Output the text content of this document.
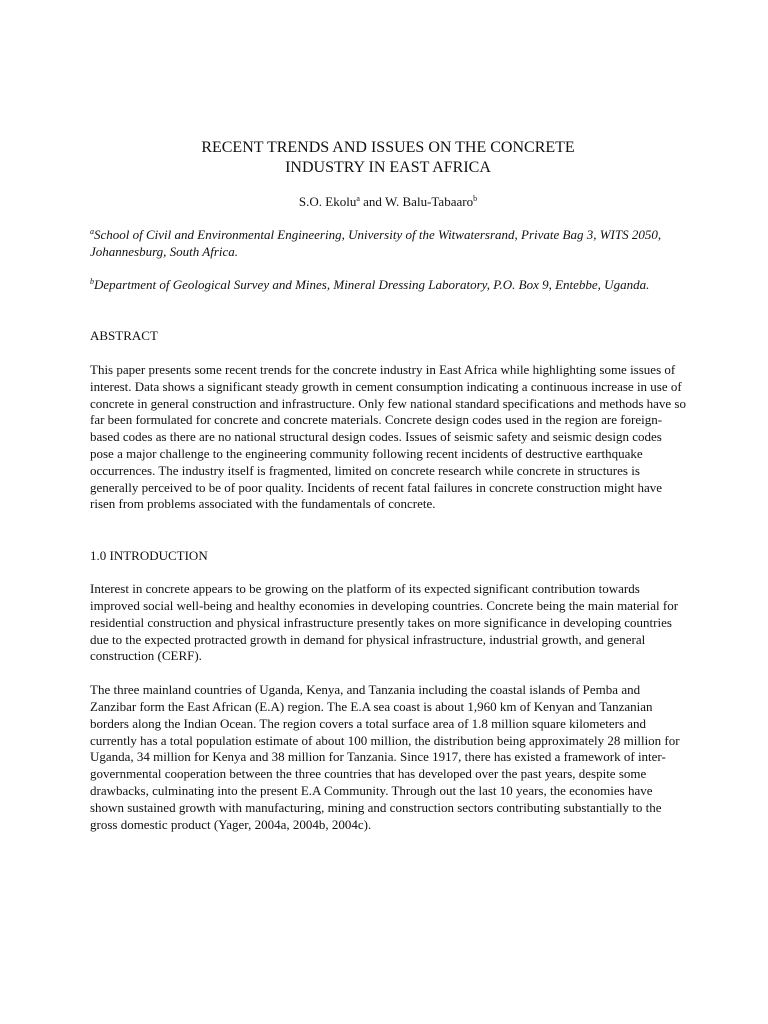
RECENT TRENDS AND ISSUES ON THE CONCRETE
INDUSTRY IN EAST AFRICA
S.O. Ekolu$^a$ and W. Balu-Tabaaro$^b$

$^a$School of Civil and Environmental Engineering, University of the Witwatersrand, Private Bag 3, WITS 2050, Johannesburg, South Africa.

$^b$Department of Geological Survey and Mines, Mineral Dressing Laboratory, P.O. Box 9, Entebbe, Uganda.

ABSTRACT

This paper presents some recent trends for the concrete industry in East Africa while highlighting some issues of interest. Data shows a significant steady growth in cement consumption indicating a continuous increase in use of concrete in general construction and infrastructure. Only few national standard specifications and methods have so far been formulated for concrete and concrete materials. Concrete design codes used in the region are foreign-based codes as there are no national structural design codes. Issues of seismic safety and seismic design codes pose a major challenge to the engineering community following recent incidents of destructive earthquake occurrences. The industry itself is fragmented, limited on concrete research while concrete in structures is generally perceived to be of poor quality. Incidents of recent fatal failures in concrete construction might have risen from problems associated with the fundamentals of concrete.

1.0 INTRODUCTION

Interest in concrete appears to be growing on the platform of its expected significant contribution towards improved social well-being and healthy economies in developing countries. Concrete being the main material for residential construction and physical infrastructure presently takes on more significance in developing countries due to the expected protracted growth in demand for physical infrastructure, industrial growth, and general construction (CERF).

The three mainland countries of Uganda, Kenya, and Tanzania including the coastal islands of Pemba and Zanzibar form the East African (E.A) region. The E.A sea coast is about 1,960 km of Kenyan and Tanzanian borders along the Indian Ocean. The region covers a total surface area of 1.8 million square kilometers and currently has a total population estimate of about 100 million, the distribution being approximately 28 million for Uganda, 34 million for Kenya and 38 million for Tanzania. Since 1917, there has existed a framework of inter-governmental cooperation between the three countries that has developed over the past years, despite some drawbacks, culminating into the present E.A Community. Through out the last 10 years, the economies have shown sustained growth with manufacturing, mining and construction sectors contributing substantially to the gross domestic product (Yager, 2004a, 2004b, 2004c).
